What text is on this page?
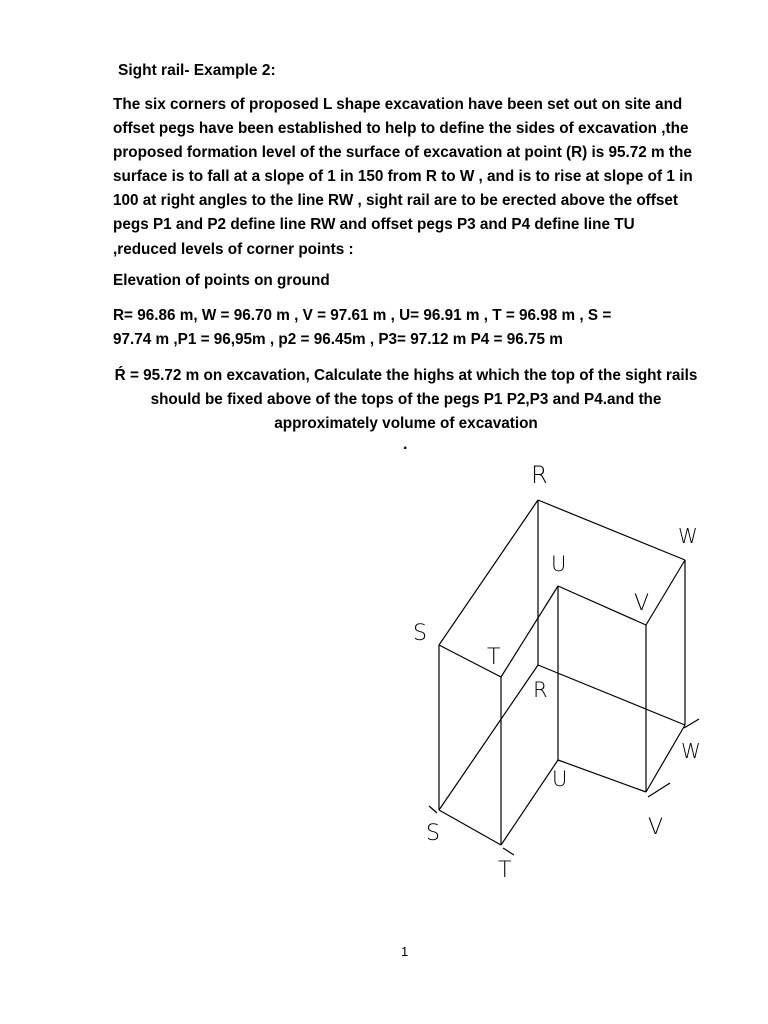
Sight rail- Example 2:
The six corners of proposed L shape excavation have been set out on site and
offset pegs have been established to help to define the sides of excavation ,the
proposed formation level of the surface of excavation at point (R) is 95.72 m the
surface is to fall at a slope of 1 in 150 from R to W , and is to rise at slope of 1 in
100 at right angles to the line RW , sight rail are to be erected above the offset
pegs P1 and P2 define line RW and offset pegs P3 and P4 define line TU
,reduced levels of corner points :
Elevation of points on ground
R= 96.86 m, W = 96.70 m , V = 97.61 m , U= 96.91 m , T = 96.98 m , S =
97.74 m ,P1 = 96,95m , p2 = 96.45m , P3= 97.12 m P4 = 96.75 m
Ŕ = 95.72 m on excavation, Calculate the highs at which the top of the sight rails
should be fixed above of the tops of the pegs P1 P2,P3 and P4.and the
approximately volume of excavation
.
R
W
U
V
S
T
R
W
U
V
S
T
1
